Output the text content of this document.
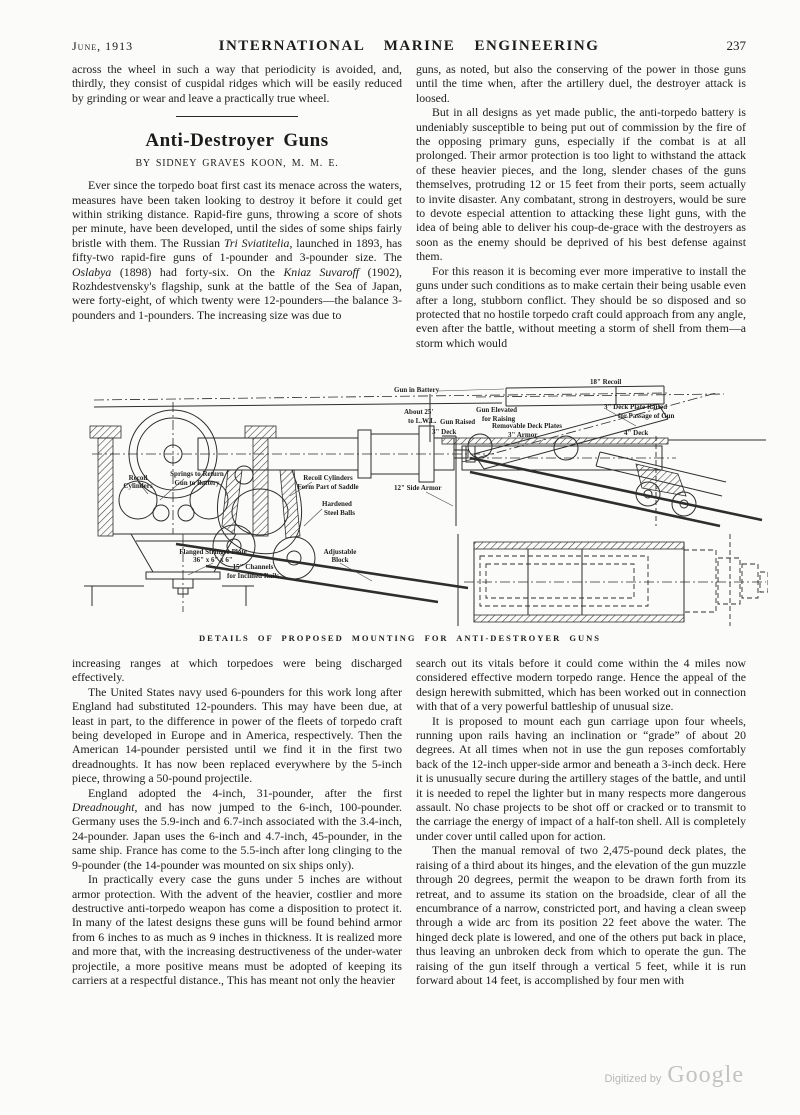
June, 1913	INTERNATIONAL MARINE ENGINEERING	237

across the wheel in such a way that periodicity is avoided, and, thirdly, they consist of cuspidal ridges which will be easily reduced by grinding or wear and leave a practically true wheel.

Anti-Destroyer Guns
BY SIDNEY GRAVES KOON, M. M. E.

Ever since the torpedo boat first cast its menace across the waters, measures have been taken looking to destroy it before it could get within striking distance. Rapid-fire guns, throwing a score of shots per minute, have been developed, until the sides of some ships fairly bristle with them. The Russian Tri Sviatitelia, launched in 1893, has fifty-two rapid-fire guns of 1-pounder and 3-pounder size. The Oslabya (1898) had forty-six. On the Kniaz Suvaroff (1902), Rozhdestvensky's flagship, sunk at the battle of the Sea of Japan, were forty-eight, of which twenty were 12-pounders—the balance 3-pounders and 1-pounders. The increasing size was due to

guns, as noted, but also the conserving of the power in those guns until the time when, after the artillery duel, the destroyer attack is loosed.

But in all designs as yet made public, the anti-torpedo battery is undeniably susceptible to being put out of commission by the fire of the opposing primary guns, especially if the combat is at all prolonged. Their armor protection is too light to withstand the attack of these heavier pieces, and the long, slender chases of the guns themselves, protruding 12 or 15 feet from their ports, seem actually to invite disaster. Any combatant, strong in destroyers, would be sure to devote especial attention to attacking these light guns, with the idea of being able to deliver his coup-de-grace with the destroyers as soon as the enemy should be deprived of his best defense against them.

For this reason it is becoming ever more imperative to install the guns under such conditions as to make certain their being usable even after a long, stubborn conflict. They should be so disposed and so protected that no hostile torpedo craft could approach from any angle, even after the battle, without meeting a storm of shell from them—a storm which would

Recoil
Cylinders
Springs to Return
Gun to Battery
Recoil Cylinders
Form Part of Saddle
Hardened
Steel Balls
Flanged Stringer Plate
36" x 6" x 6"
15" Channels
for Inclined Rails
Adjustable
Block
12" Side Armor
About 25'
to L.W.L.
Gun in Battery
Gun Raised
Gun Elevated
for Raising
3" Deck
Removable Deck Plates
3" Armor
3" Deck Plate Raised
for Passage of Gun
18" Recoil
4" Deck
DETAILS OF PROPOSED MOUNTING FOR ANTI-DESTROYER GUNS

increasing ranges at which torpedoes were being discharged effectively.

The United States navy used 6-pounders for this work long after England had substituted 12-pounders. This may have been due, at least in part, to the difference in power of the fleets of torpedo craft being developed in Europe and in America, respectively. Then the American 14-pounder persisted until we find it in the first two dreadnoughts. It has now been replaced everywhere by the 5-inch piece, throwing a 50-pound projectile.

England adopted the 4-inch, 31-pounder, after the first Dreadnought, and has now jumped to the 6-inch, 100-pounder. Germany uses the 5.9-inch and 6.7-inch associated with the 3.4-inch, 24-pounder. Japan uses the 6-inch and 4.7-inch, 45-pounder, in the same ship. France has come to the 5.5-inch after long clinging to the 9-pounder (the 14-pounder was mounted on six ships only).

In practically every case the guns under 5 inches are without armor protection. With the advent of the heavier, costlier and more destructive anti-torpedo weapon has come a disposition to protect it. In many of the latest designs these guns will be found behind armor from 6 inches to as much as 9 inches in thickness. It is realized more and more that, with the increasing destructiveness of the under-water projectile, a more positive means must be adopted of keeping its carriers at a respectful distance., This has meant not only the heavier

search out its vitals before it could come within the 4 miles now considered effective modern torpedo range. Hence the appeal of the design herewith submitted, which has been worked out in connection with that of a very powerful battleship of unusual size.

It is proposed to mount each gun carriage upon four wheels, running upon rails having an inclination or “grade” of about 20 degrees. At all times when not in use the gun reposes comfortably back of the 12-inch upper-side armor and beneath a 3-inch deck. Here it is unusually secure during the artillery stages of the battle, and until it is needed to repel the lighter but in many respects more dangerous assault. No chase projects to be shot off or cracked or to transmit to the carriage the energy of impact of a half-ton shell. All is completely under cover until called upon for action.

Then the manual removal of two 2,475-pound deck plates, the raising of a third about its hinges, and the elevation of the gun muzzle through 20 degrees, permit the weapon to be drawn forth from its retreat, and to assume its station on the broadside, clear of all the encumbrance of a narrow, constricted port, and having a clean sweep through a wide arc from its position 22 feet above the water. The hinged deck plate is lowered, and one of the others put back in place, thus leaving an unbroken deck from which to operate the gun. The raising of the gun itself through a vertical 5 feet, while it is run forward about 14 feet, is accomplished by four men with

Digitized by Google
